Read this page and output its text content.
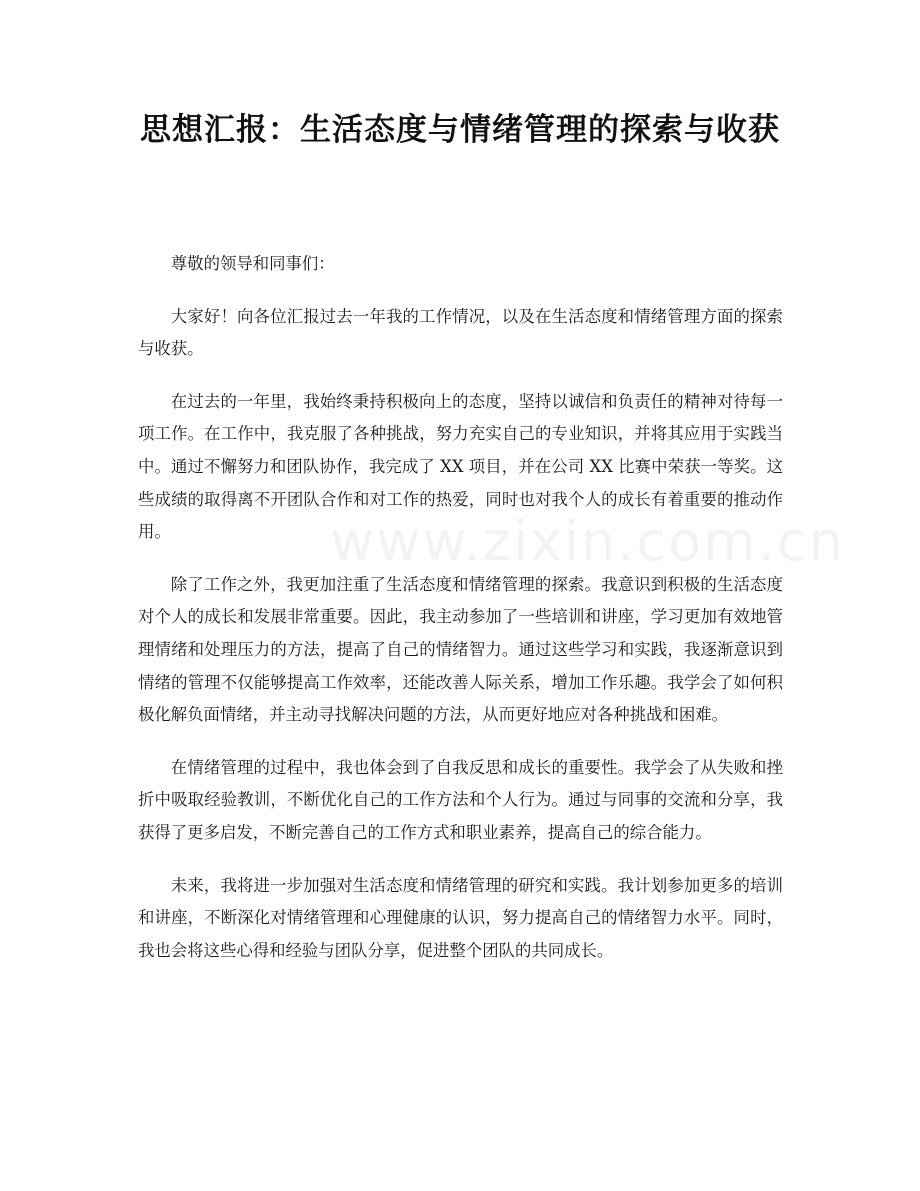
思想汇报：生活态度与情绪管理的探索与收获

尊敬的领导和同事们：

大家好！向各位汇报过去一年我的工作情况，以及在生活态度和情绪管理方面的探索与收获。

在过去的一年里，我始终秉持积极向上的态度，坚持以诚信和负责任的精神对待每一项工作。在工作中，我克服了各种挑战，努力充实自己的专业知识，并将其应用于实践当中。通过不懈努力和团队协作，我完成了 XX 项目，并在公司 XX 比赛中荣获一等奖。这些成绩的取得离不开团队合作和对工作的热爱，同时也对我个人的成长有着重要的推动作用。

除了工作之外，我更加注重了生活态度和情绪管理的探索。我意识到积极的生活态度对个人的成长和发展非常重要。因此，我主动参加了一些培训和讲座，学习更加有效地管理情绪和处理压力的方法，提高了自己的情绪智力。通过这些学习和实践，我逐渐意识到情绪的管理不仅能够提高工作效率，还能改善人际关系，增加工作乐趣。我学会了如何积极化解负面情绪，并主动寻找解决问题的方法，从而更好地应对各种挑战和困难。

在情绪管理的过程中，我也体会到了自我反思和成长的重要性。我学会了从失败和挫折中吸取经验教训，不断优化自己的工作方法和个人行为。通过与同事的交流和分享，我获得了更多启发，不断完善自己的工作方式和职业素养，提高自己的综合能力。

未来，我将进一步加强对生活态度和情绪管理的研究和实践。我计划参加更多的培训和讲座，不断深化对情绪管理和心理健康的认识，努力提高自己的情绪智力水平。同时，我也会将这些心得和经验与团队分享，促进整个团队的共同成长。
